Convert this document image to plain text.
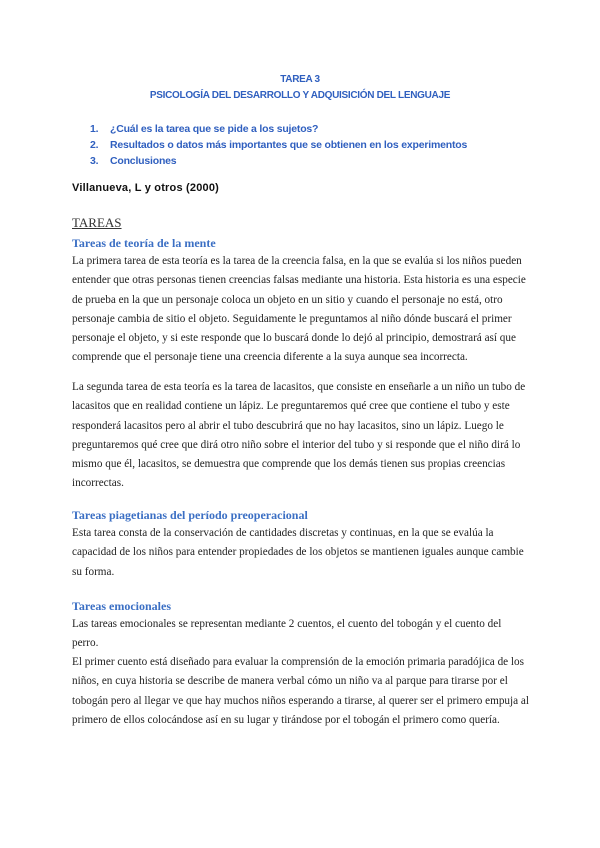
TAREA 3
PSICOLOGÍA DEL DESARROLLO Y ADQUISICIÓN DEL LENGUAJE
1. ¿Cuál es la tarea que se pide a los sujetos?
2. Resultados o datos más importantes que se obtienen en los experimentos
3. Conclusiones
Villanueva, L y otros (2000)
TAREAS
Tareas de teoría de la mente

La primera tarea de esta teoría es la tarea de la creencia falsa, en la que se evalúa si los niños pueden entender que otras personas tienen creencias falsas mediante una historia. Esta historia es una especie de prueba en la que un personaje coloca un objeto en un sitio y cuando el personaje no está, otro personaje cambia de sitio el objeto. Seguidamente le preguntamos al niño dónde buscará el primer personaje el objeto, y si este responde que lo buscará donde lo dejó al principio, demostrará así que comprende que el personaje tiene una creencia diferente a la suya aunque sea incorrecta.

La segunda tarea de esta teoría es la tarea de lacasitos, que consiste en enseñarle a un niño un tubo de lacasitos que en realidad contiene un lápiz. Le preguntaremos qué cree que contiene el tubo y este responderá lacasitos pero al abrir el tubo descubrirá que no hay lacasitos, sino un lápiz. Luego le preguntaremos qué cree que dirá otro niño sobre el interior del tubo y si responde que el niño dirá lo mismo que él, lacasitos, se demuestra que comprende que los demás tienen sus propias creencias incorrectas.

Tareas piagetianas del período preoperacional

Esta tarea consta de la conservación de cantidades discretas y continuas, en la que se evalúa la capacidad de los niños para entender propiedades de los objetos se mantienen iguales aunque cambie su forma.

Tareas emocionales

Las tareas emocionales se representan mediante 2 cuentos, el cuento del tobogán y el cuento del perro.

El primer cuento está diseñado para evaluar la comprensión de la emoción primaria paradójica de los niños, en cuya historia se describe de manera verbal cómo un niño va al parque para tirarse por el tobogán pero al llegar ve que hay muchos niños esperando a tirarse, al querer ser el primero empuja al primero de ellos colocándose así en su lugar y tirándose por el tobogán el primero como quería.
